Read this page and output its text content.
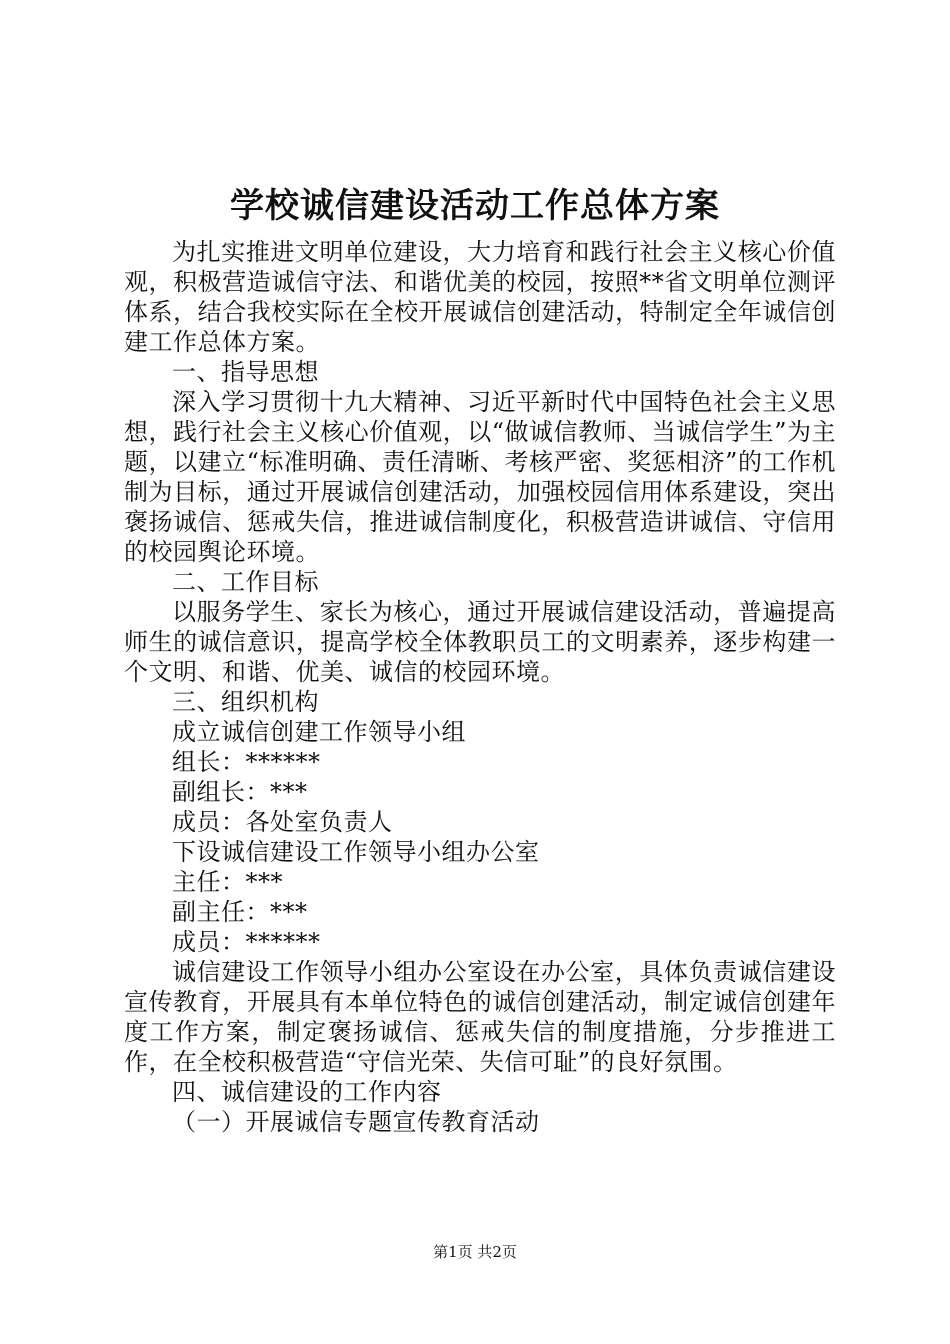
学校诚信建设活动工作总体方案

为扎实推进文明单位建设，大力培育和践行社会主义核心价值观，积极营造诚信守法、和谐优美的校园，按照**省文明单位测评体系，结合我校实际在全校开展诚信创建活动，特制定全年诚信创建工作总体方案。

一、指导思想

深入学习贯彻十九大精神、习近平新时代中国特色社会主义思想，践行社会主义核心价值观，以“做诚信教师、当诚信学生”为主题，以建立“标准明确、责任清晰、考核严密、奖惩相济”的工作机制为目标，通过开展诚信创建活动，加强校园信用体系建设，突出褒扬诚信、惩戒失信，推进诚信制度化，积极营造讲诚信、守信用的校园舆论环境。

二、工作目标

以服务学生、家长为核心，通过开展诚信建设活动，普遍提高师生的诚信意识，提高学校全体教职员工的文明素养，逐步构建一个文明、和谐、优美、诚信的校园环境。

三、组织机构

成立诚信创建工作领导小组

组长：******

副组长：***

成员：各处室负责人

下设诚信建设工作领导小组办公室

主任：***

副主任：***

成员：******

诚信建设工作领导小组办公室设在办公室，具体负责诚信建设宣传教育，开展具有本单位特色的诚信创建活动，制定诚信创建年度工作方案，制定褒扬诚信、惩戒失信的制度措施，分步推进工作，在全校积极营造“守信光荣、失信可耻”的良好氛围。

四、诚信建设的工作内容

（一）开展诚信专题宣传教育活动

第1页 共2页
